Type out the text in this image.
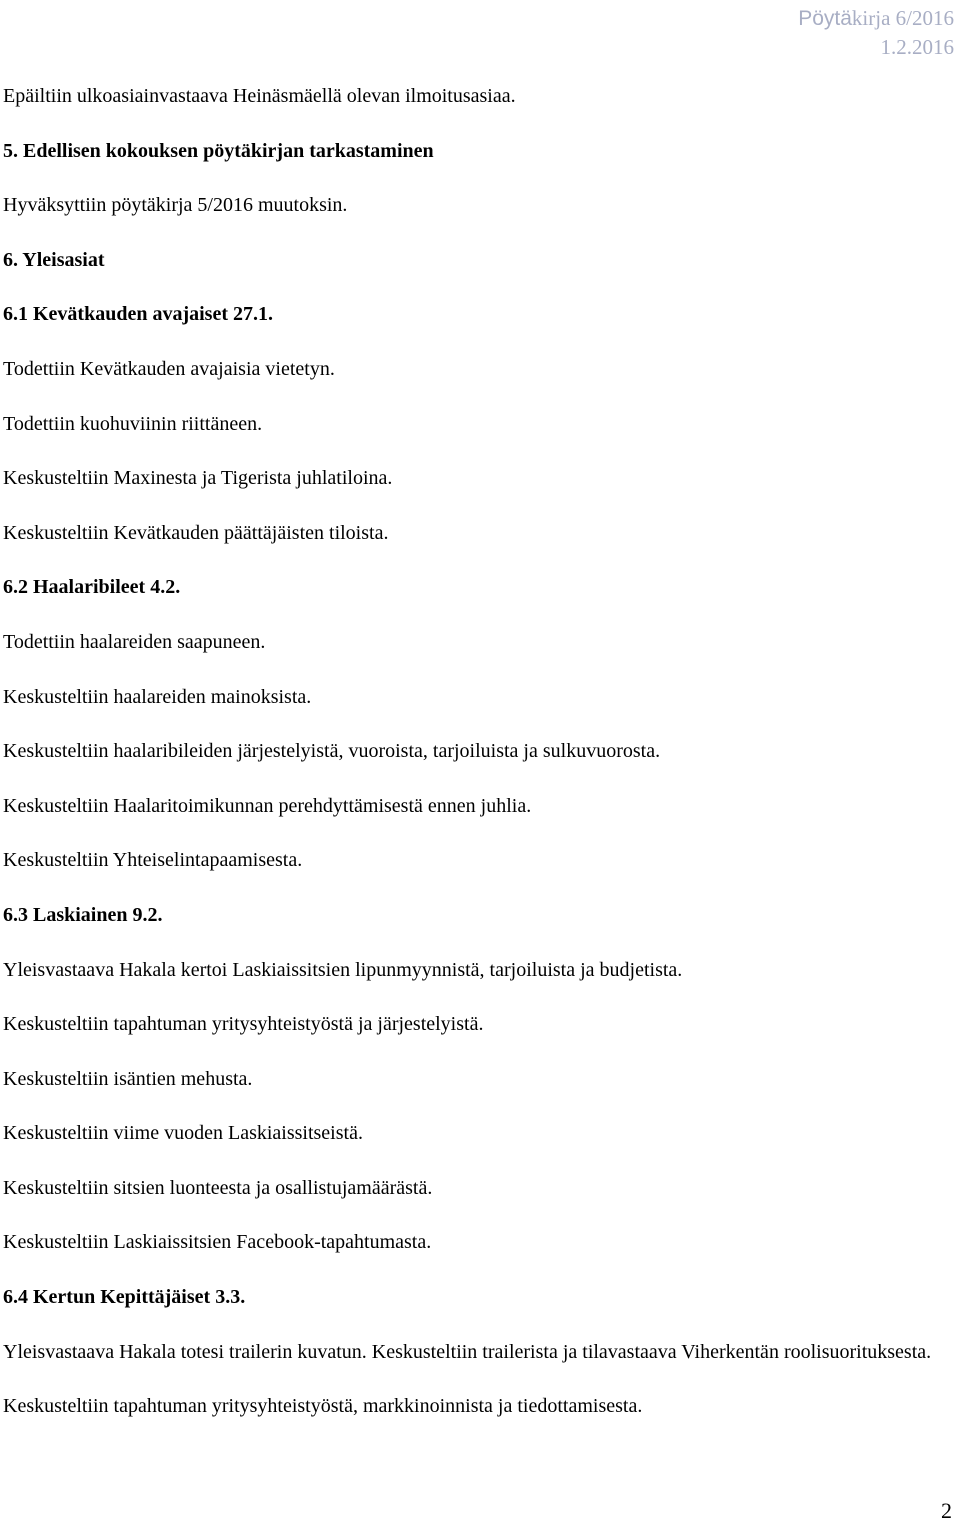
Pöytäkirja 6/2016
1.2.2016

Epäiltiin ulkoasiainvastaava Heinäsmäellä olevan ilmoitusasiaa.

5. Edellisen kokouksen pöytäkirjan tarkastaminen

Hyväksyttiin pöytäkirja 5/2016 muutoksin.

6. Yleisasiat

6.1 Kevätkauden avajaiset 27.1.

Todettiin Kevätkauden avajaisia vietetyn.

Todettiin kuohuviinin riittäneen.

Keskusteltiin Maxinesta ja Tigerista juhlatiloina.

Keskusteltiin Kevätkauden päättäjäisten tiloista.

6.2 Haalaribileet 4.2.

Todettiin haalareiden saapuneen.

Keskusteltiin haalareiden mainoksista.

Keskusteltiin haalaribileiden järjestelyistä, vuoroista, tarjoiluista ja sulkuvuorosta.

Keskusteltiin Haalaritoimikunnan perehdyttämisestä ennen juhlia.

Keskusteltiin Yhteiselintapaamisesta.

6.3 Laskiainen 9.2.

Yleisvastaava Hakala kertoi Laskiaissitsien lipunmyynnistä, tarjoiluista ja budjetista.

Keskusteltiin tapahtuman yritysyhteistyöstä ja järjestelyistä.

Keskusteltiin isäntien mehusta.

Keskusteltiin viime vuoden Laskiaissitseistä.

Keskusteltiin sitsien luonteesta ja osallistujamäärästä.

Keskusteltiin Laskiaissitsien Facebook-tapahtumasta.

6.4 Kertun Kepittäjäiset 3.3.

Yleisvastaava Hakala totesi trailerin kuvatun. Keskusteltiin trailerista ja tilavastaava Viherkentän roolisuorituksesta.

Keskusteltiin tapahtuman yritysyhteistyöstä, markkinoinnista ja tiedottamisesta.

2
